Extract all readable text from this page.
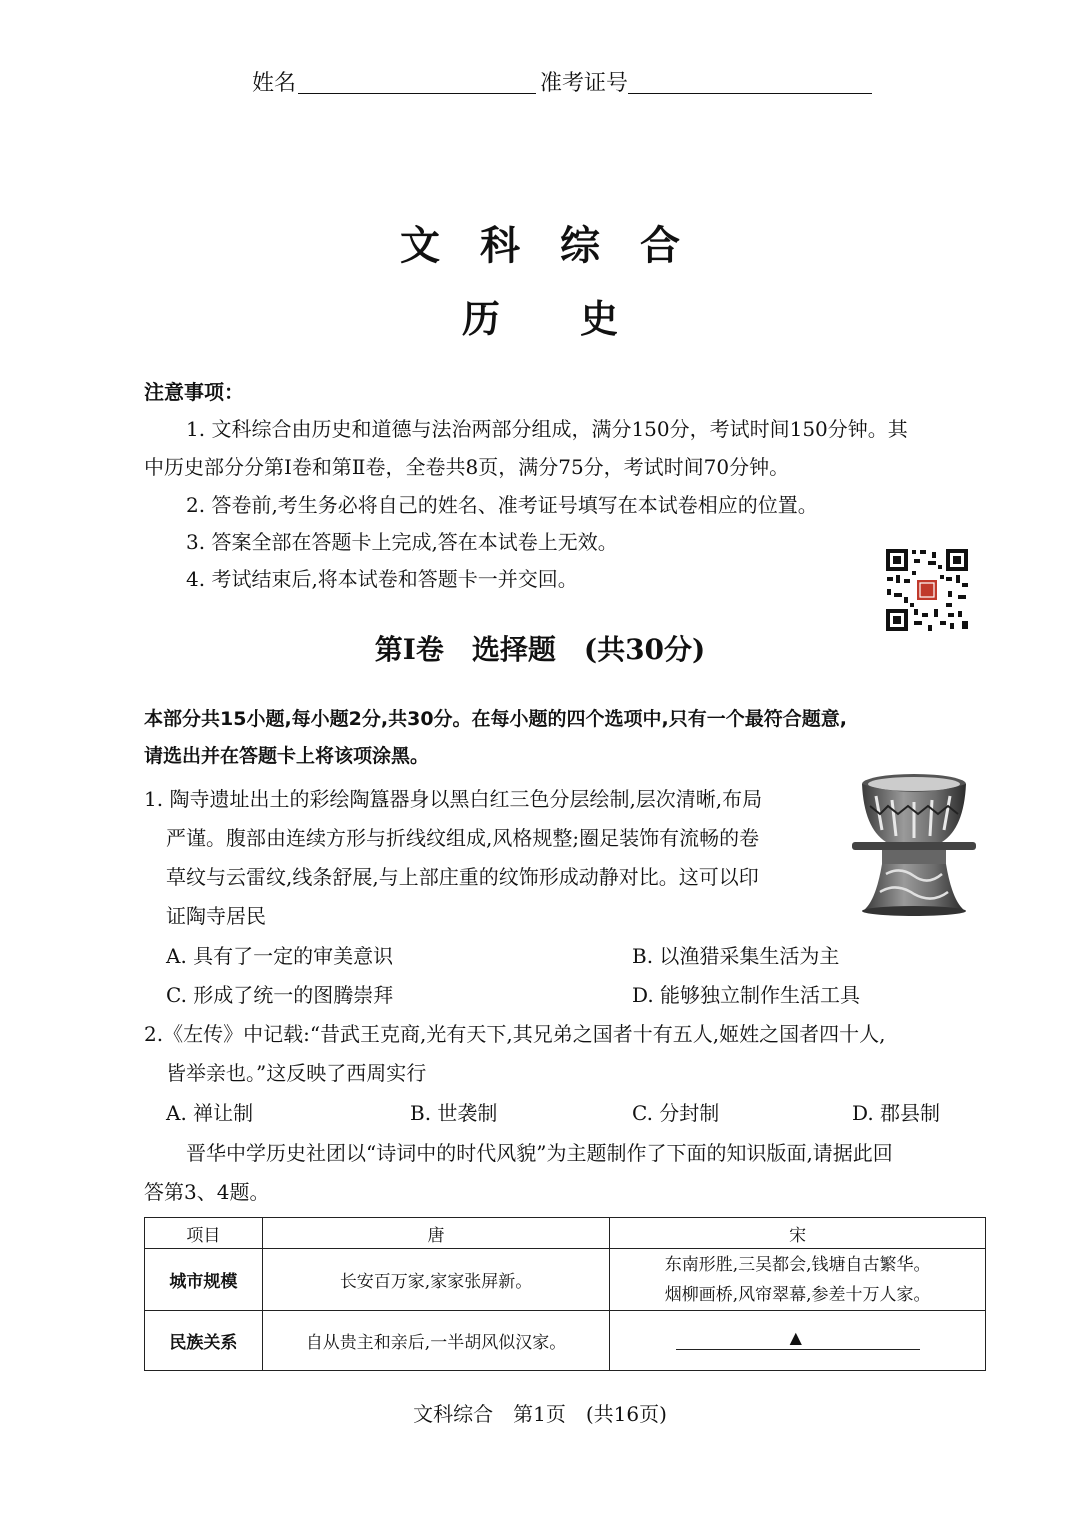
姓名	准考证号
文科综合
历史
注意事项：
1. 文科综合由历史和道德与法治两部分组成，满分150分，考试时间150分钟。其
中历史部分分第Ⅰ卷和第Ⅱ卷，全卷共8页，满分75分，考试时间70分钟。
2. 答卷前,考生务必将自己的姓名、准考证号填写在本试卷相应的位置。
3. 答案全部在答题卡上完成,答在本试卷上无效。
4. 考试结束后,将本试卷和答题卡一并交回。
第Ⅰ卷　选择题　(共30分)
本部分共15小题,每小题2分,共30分。在每小题的四个选项中,只有一个最符合题意,
请选出并在答题卡上将该项涂黑。
1. 陶寺遗址出土的彩绘陶簋器身以黑白红三色分层绘制,层次清晰,布局
严谨。腹部由连续方形与折线纹组成,风格规整;圈足装饰有流畅的卷
草纹与云雷纹,线条舒展,与上部庄重的纹饰形成动静对比。这可以印
证陶寺居民
A. 具有了一定的审美意识	B. 以渔猎采集生活为主
C. 形成了统一的图腾崇拜	D. 能够独立制作生活工具
2.《左传》中记载:“昔武王克商,光有天下,其兄弟之国者十有五人,姬姓之国者四十人,
皆举亲也。”这反映了西周实行
A. 禅让制	B. 世袭制	C. 分封制	D. 郡县制
晋华中学历史社团以“诗词中的时代风貌”为主题制作了下面的知识版面,请据此回
答第3、4题。
项目	唐	宋
城市规模	长安百万家,家家张屏新。	东南形胜,三吴都会,钱塘自古繁华。
烟柳画桥,风帘翠幕,参差十万人家。

民族关系	自从贵主和亲后,一半胡风似汉家。	▲
文科综合　第1页　(共16页)
